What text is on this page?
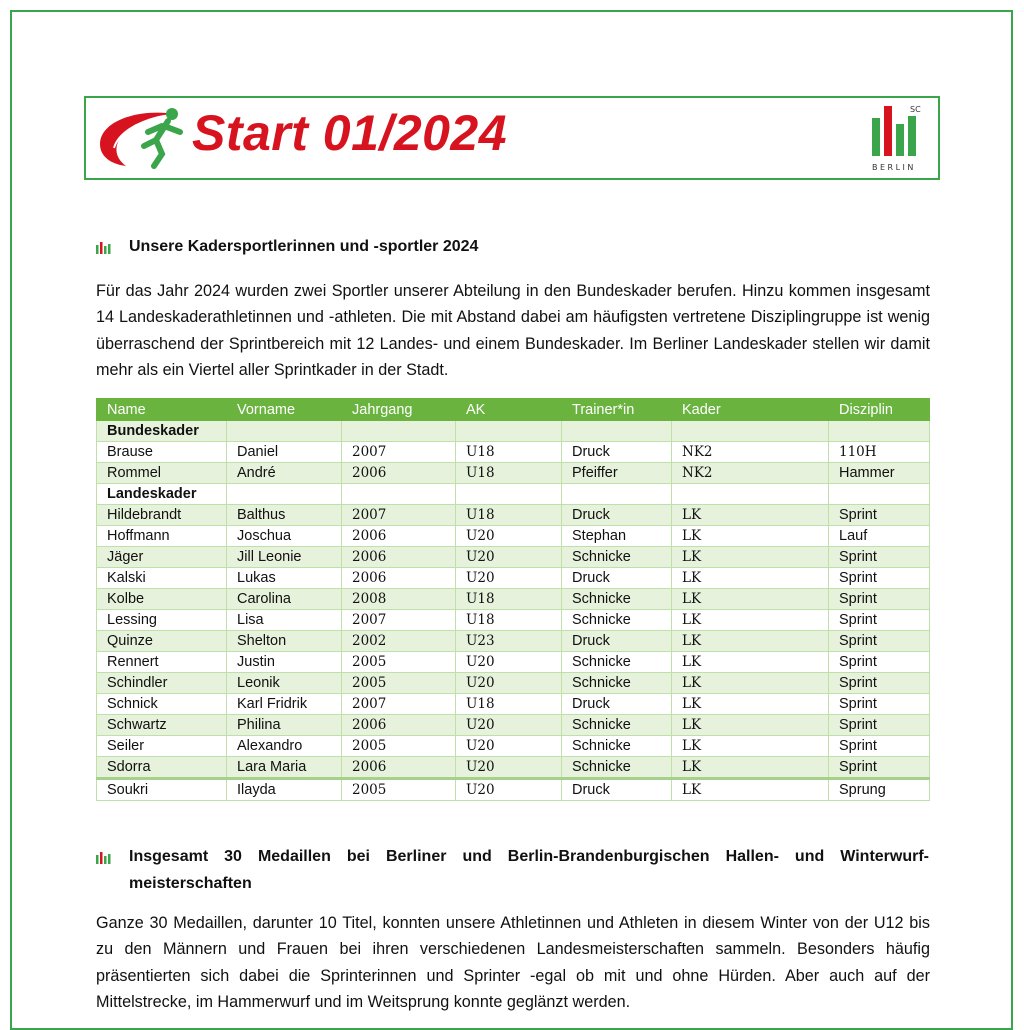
Start 01/2024	SC
BERLIN
Unsere Kadersportlerinnen und -sportler 2024
Für das Jahr 2024 wurden zwei Sportler unserer Abteilung in den Bundeskader berufen. Hinzu kommen insgesamt 14 Landeskaderathletinnen und -athleten. Die mit Abstand dabei am häufigsten vertretene Disziplingruppe ist wenig überraschend der Sprintbereich mit 12 Landes- und einem Bundeskader. Im Berliner Landeskader stellen wir damit mehr als ein Viertel aller Sprintkader in der Stadt.
Name	Vorname	Jahrgang	AK	Trainer*in	Kader	Disziplin
Bundeskader						
Brause	Daniel	2007	U18	Druck	NK2	110H
Rommel	André	2006	U18	Pfeiffer	NK2	Hammer
Landeskader						
Hildebrandt	Balthus	2007	U18	Druck	LK	Sprint
Hoffmann	Joschua	2006	U20	Stephan	LK	Lauf
Jäger	Jill Leonie	2006	U20	Schnicke	LK	Sprint
Kalski	Lukas	2006	U20	Druck	LK	Sprint
Kolbe	Carolina	2008	U18	Schnicke	LK	Sprint
Lessing	Lisa	2007	U18	Schnicke	LK	Sprint
Quinze	Shelton	2002	U23	Druck	LK	Sprint
Rennert	Justin	2005	U20	Schnicke	LK	Sprint
Schindler	Leonik	2005	U20	Schnicke	LK	Sprint
Schnick	Karl Fridrik	2007	U18	Druck	LK	Sprint
Schwartz	Philina	2006	U20	Schnicke	LK	Sprint
Seiler	Alexandro	2005	U20	Schnicke	LK	Sprint
Sdorra	Lara Maria	2006	U20	Schnicke	LK	Sprint
Soukri	Ilayda	2005	U20	Druck	LK	Sprung
Insgesamt 30 Medaillen bei Berliner und Berlin-Brandenburgischen Hallen- und Winterwurf-
meisterschaften
Ganze 30 Medaillen, darunter 10 Titel, konnten unsere Athletinnen und Athleten in diesem Winter von der U12 bis zu den Männern und Frauen bei ihren verschiedenen Landesmeisterschaften sammeln. Besonders häufig präsentierten sich dabei die Sprinterinnen und Sprinter -egal ob mit und ohne Hürden. Aber auch auf der Mittelstrecke, im Hammerwurf und im Weitsprung konnte geglänzt werden.
